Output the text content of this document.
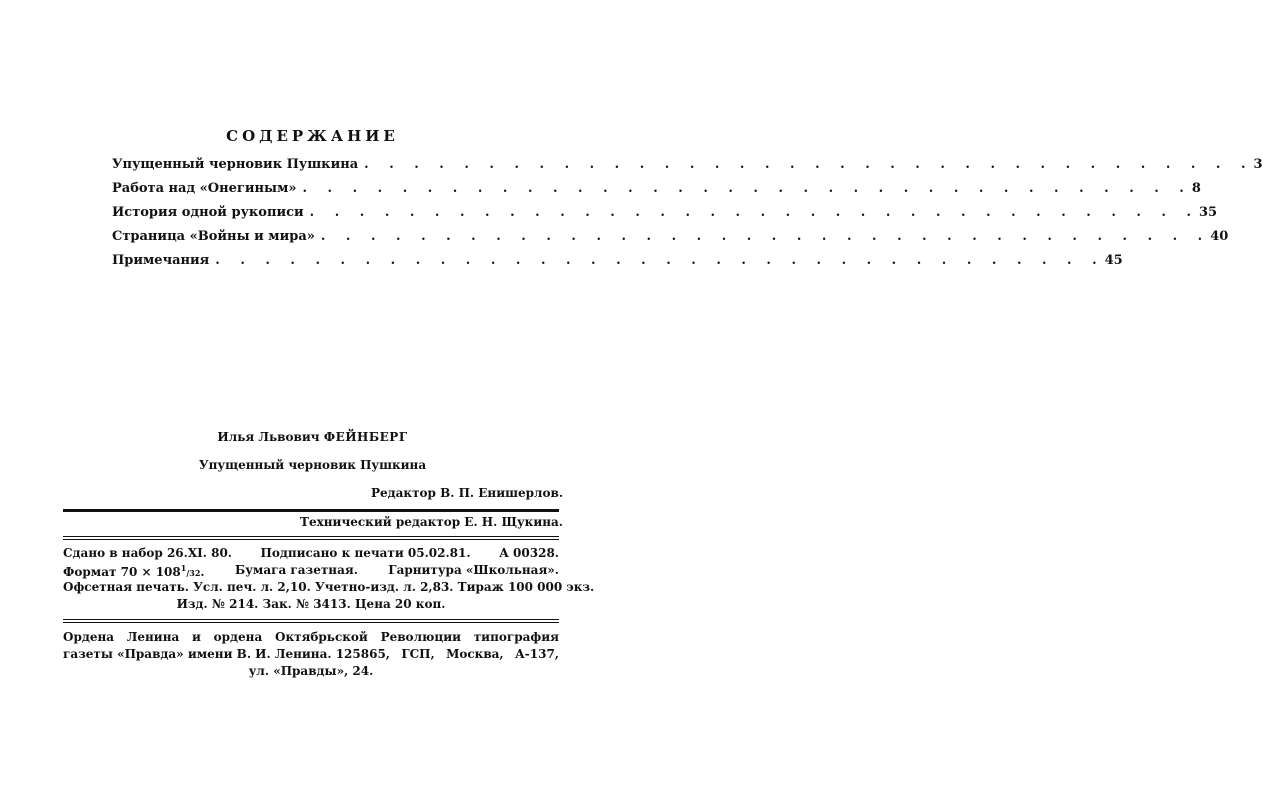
СОДЕРЖАНИЕ
Упущенный черновик Пушкина . . . . . . . . . . . . . . . . . . . . . . . . . . . . . . . . . . . . 3
Работа над «Онегиным» . . . . . . . . . . . . . . . . . . . . . . . . . . . . . . . . . . . . 8
История одной рукописи . . . . . . . . . . . . . . . . . . . . . . . . . . . . . . . . . . . . 35
Страница «Войны и мира» . . . . . . . . . . . . . . . . . . . . . . . . . . . . . . . . . . . . 40
Примечания . . . . . . . . . . . . . . . . . . . . . . . . . . . . . . . . . . . . 45
Илья Львович ФЕЙНБЕРГ
Упущенный черновик Пушкина
Редактор В. П. Енишерлов.
Технический редактор Е. Н. Щукина.
Сдано в набор 26.XI. 80. Подписано к печати 05.02.81. А 00328.
Формат $70 \times 108^1/32$.	Бумага газетная.	Гарнитура «Школьная».
Офсетная печать. Усл. печ. л. 2,10. Учетно-изд. л. 2,83. Тираж 100 000 экз.
Изд. № 214. Зак. № 3413. Цена 20 коп.
Ордена Ленина и ордена Октябрьской Революции типография
газеты «Правда» имени В. И. Ленина. 125865, ГСП, Москва, А-137,
ул. «Правды», 24.
